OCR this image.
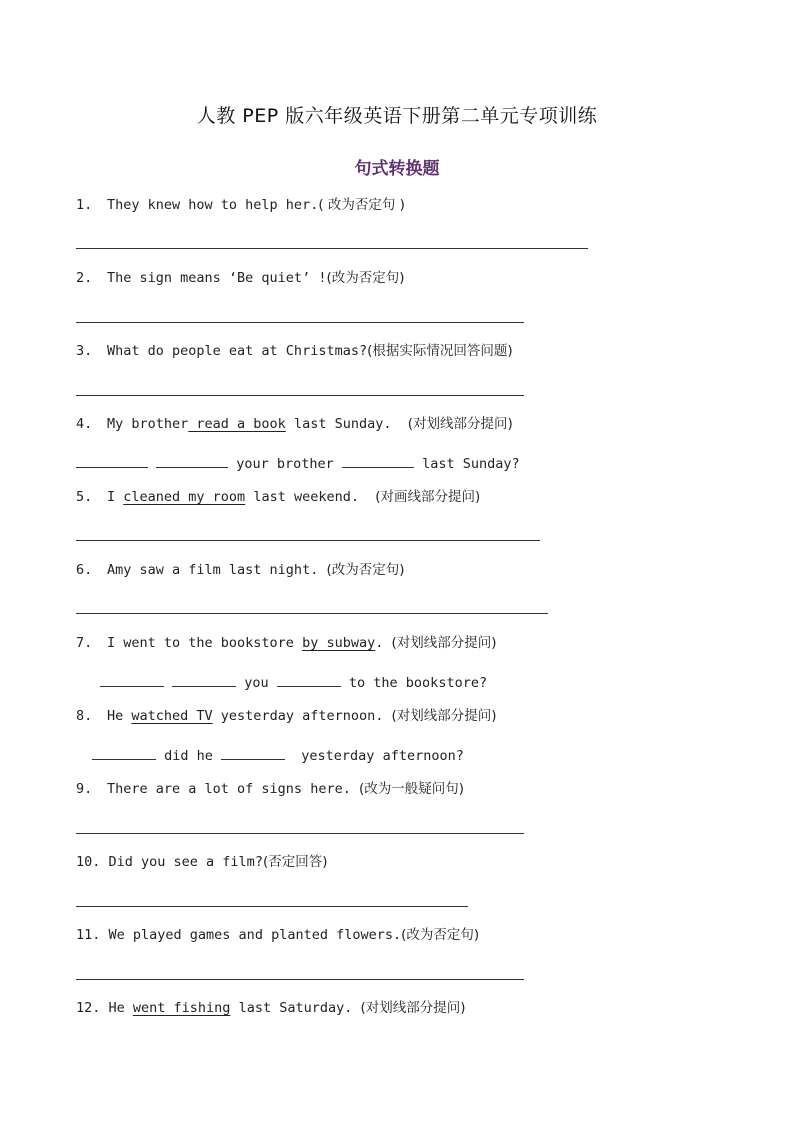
人教 PEP 版六年级英语下册第二单元专项训练
句式转换题
1. They knew how to help her.( 改为否定句 )
2. The sign means ‘Be quiet’ !(改为否定句)
3. What do people eat at Christmas?(根据实际情况回答问题)
4. My brother read a book last Sunday.  (对划线部分提问)
your brother	last Sunday?
5. I cleaned my room last weekend.  (对画线部分提问)
6. Amy saw a film last night. (改为否定句)
7. I went to the bookstore by subway. (对划线部分提问)
you	to the bookstore?
8. He watched TV yesterday afternoon. (对划线部分提问)
did he	yesterday afternoon?
9. There are a lot of signs here. (改为一般疑问句)
10. Did you see a film?(否定回答)
11. We played games and planted flowers.(改为否定句)
12. He went fishing last Saturday. (对划线部分提问)
